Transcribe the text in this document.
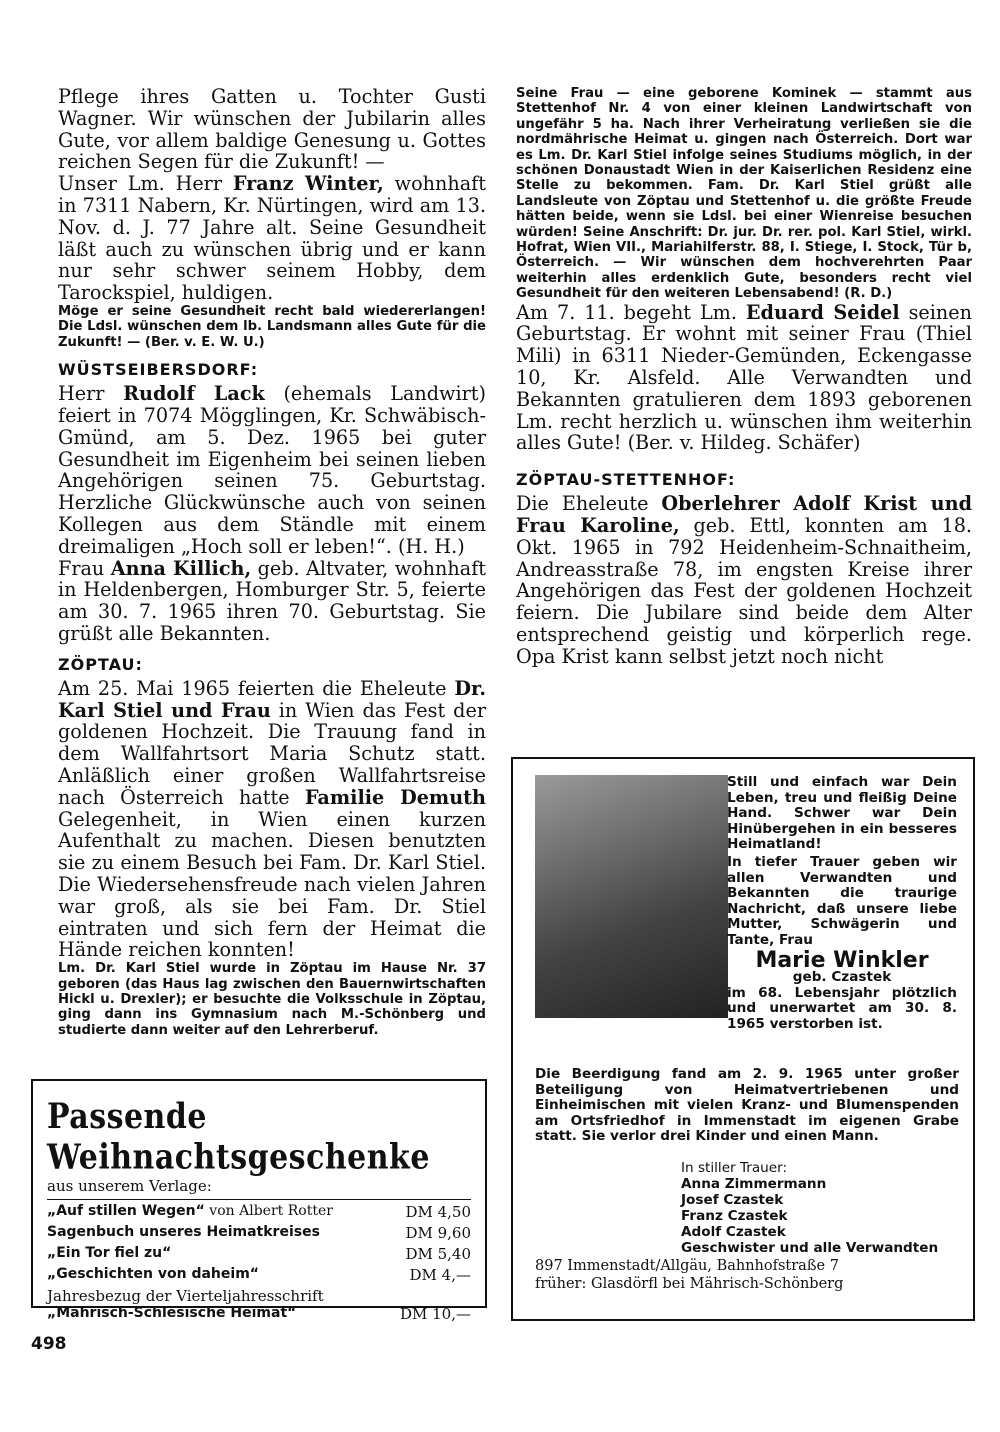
Pflege ihres Gatten u. Tochter Gusti Wagner. Wir wünschen der Jubilarin alles Gute, vor allem baldige Genesung u. Gottes reichen Segen für die Zukunft! —

Unser Lm. Herr Franz Winter, wohnhaft in 7311 Nabern, Kr. Nürtingen, wird am 13. Nov. d. J. 77 Jahre alt. Seine Gesundheit läßt auch zu wünschen übrig und er kann nur sehr schwer seinem Hobby, dem Tarockspiel, huldigen.

Möge er seine Gesundheit recht bald wiedererlangen! Die Ldsl. wünschen dem lb. Landsmann alles Gute für die Zukunft! — (Ber. v. E. W. U.)

WÜSTSEIBERSDORF:

Herr Rudolf Lack (ehemals Landwirt) feiert in 7074 Mögglingen, Kr. Schwäbisch-Gmünd, am 5. Dez. 1965 bei guter Gesundheit im Eigenheim bei seinen lieben Angehörigen seinen 75. Geburtstag. Herzliche Glückwünsche auch von seinen Kollegen aus dem Ständle mit einem dreimaligen „Hoch soll er leben!“. (H. H.)

Frau Anna Killich, geb. Altvater, wohnhaft in Heldenbergen, Homburger Str. 5, feierte am 30. 7. 1965 ihren 70. Geburtstag. Sie grüßt alle Bekannten.

ZÖPTAU:

Am 25. Mai 1965 feierten die Eheleute Dr. Karl Stiel und Frau in Wien das Fest der goldenen Hochzeit. Die Trauung fand in dem Wallfahrtsort Maria Schutz statt. Anläßlich einer großen Wallfahrtsreise nach Österreich hatte Familie Demuth Gelegenheit, in Wien einen kurzen Aufenthalt zu machen. Diesen benutzten sie zu einem Besuch bei Fam. Dr. Karl Stiel. Die Wiedersehensfreude nach vielen Jahren war groß, als sie bei Fam. Dr. Stiel eintraten und sich fern der Heimat die Hände reichen konnten!

Lm. Dr. Karl Stiel wurde in Zöptau im Hause Nr. 37 geboren (das Haus lag zwischen den Bauernwirtschaften Hickl u. Drexler); er besuchte die Volksschule in Zöptau, ging dann ins Gymnasium nach M.-Schönberg und studierte dann weiter auf den Lehrerberuf.

Seine Frau — eine geborene Kominek — stammt aus Stettenhof Nr. 4 von einer kleinen Landwirtschaft von ungefähr 5 ha. Nach ihrer Verheiratung verließen sie die nordmährische Heimat u. gingen nach Österreich. Dort war es Lm. Dr. Karl Stiel infolge seines Studiums möglich, in der schönen Donaustadt Wien in der Kaiserlichen Residenz eine Stelle zu bekommen. Fam. Dr. Karl Stiel grüßt alle Landsleute von Zöptau und Stettenhof u. die größte Freude hätten beide, wenn sie Ldsl. bei einer Wienreise besuchen würden! Seine Anschrift: Dr. jur. Dr. rer. pol. Karl Stiel, wirkl. Hofrat, Wien VII., Mariahilferstr. 88, I. Stiege, I. Stock, Tür b, Österreich. — Wir wünschen dem hochverehrten Paar weiterhin alles erdenklich Gute, besonders recht viel Gesundheit für den weiteren Lebensabend! (R. D.)

Am 7. 11. begeht Lm. Eduard Seidel seinen Geburtstag. Er wohnt mit seiner Frau (Thiel Mili) in 6311 Nieder-Gemünden, Eckengasse 10, Kr. Alsfeld. Alle Verwandten und Bekannten gratulieren dem 1893 geborenen Lm. recht herzlich u. wünschen ihm weiterhin alles Gute! (Ber. v. Hildeg. Schäfer)

ZÖPTAU-STETTENHOF:

Die Eheleute Oberlehrer Adolf Krist und Frau Karoline, geb. Ettl, konnten am 18. Okt. 1965 in 792 Heidenheim-Schnaitheim, Andreasstraße 78, im engsten Kreise ihrer Angehörigen das Fest der goldenen Hochzeit feiern. Die Jubilare sind beide dem Alter entsprechend geistig und körperlich rege. Opa Krist kann selbst jetzt noch nicht

Passende Weihnachtsgeschenke
aus unserem Verlage:
„Auf stillen Wegen“ von Albert Rotter	DM 4,50
Sagenbuch unseres Heimatkreises	DM 9,60
„Ein Tor fiel zu“	DM 5,40
„Geschichten von daheim“	DM 4,—
Jahresbezug der Vierteljahresschrift
„Mährisch-Schlesische Heimat“	DM 10,—
Still und einfach war Dein Leben, treu und fleißig Deine Hand. Schwer war Dein Hinübergehen in ein besseres Heimatland!
In tiefer Trauer geben wir allen Verwandten und Bekannten die traurige Nachricht, daß unsere liebe Mutter, Schwägerin und Tante, Frau
Marie Winkler
geb. Czastek
im 68. Lebensjahr plötzlich und unerwartet am 30. 8. 1965 verstorben ist.
Die Beerdigung fand am 2. 9. 1965 unter großer Beteiligung von Heimatvertriebenen und Einheimischen mit vielen Kranz- und Blumenspenden am Ortsfriedhof in Immenstadt im eigenen Grabe statt. Sie verlor drei Kinder und einen Mann.
In stiller Trauer:
Anna Zimmermann
Josef Czastek
Franz Czastek
Adolf Czastek
Geschwister und alle Verwandten
897 Immenstadt/Allgäu, Bahnhofstraße 7
früher: Glasdörfl bei Mährisch-Schönberg
498
